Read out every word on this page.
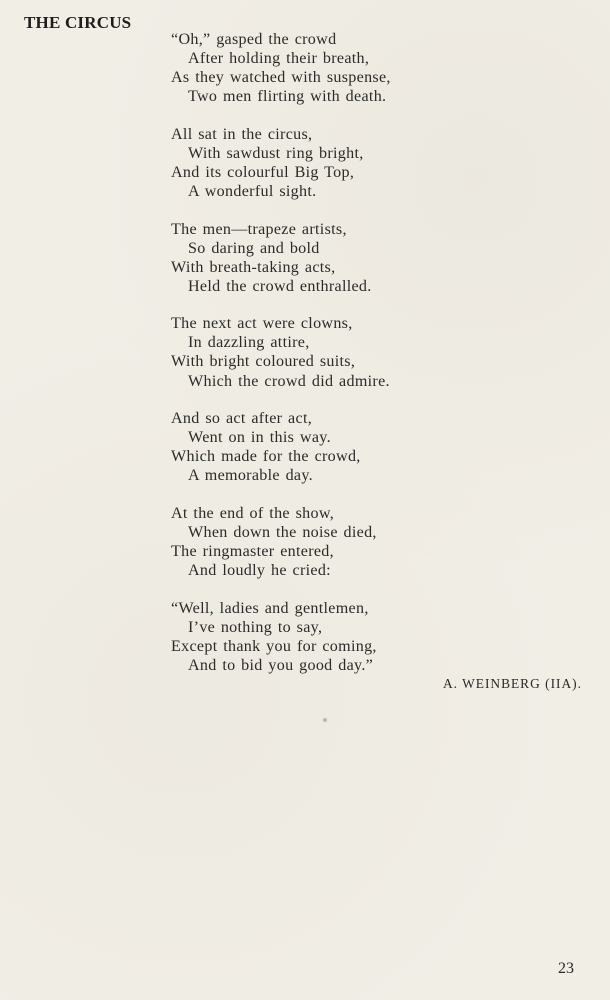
THE CIRCUS
“Oh,” gasped the crowd
After holding their breath,
As they watched with suspense,
Two men flirting with death.
All sat in the circus,
With sawdust ring bright,
And its colourful Big Top,
A wonderful sight.
The men—trapeze artists,
So daring and bold
With breath-taking acts,
Held the crowd enthralled.
The next act were clowns,
In dazzling attire,
With bright coloured suits,
Which the crowd did admire.
And so act after act,
Went on in this way.
Which made for the crowd,
A memorable day.
At the end of the show,
When down the noise died,
The ringmaster entered,
And loudly he cried:
“Well, ladies and gentlemen,
I’ve nothing to say,
Except thank you for coming,
And to bid you good day.”
A. WEINBERG (IIA).
23
